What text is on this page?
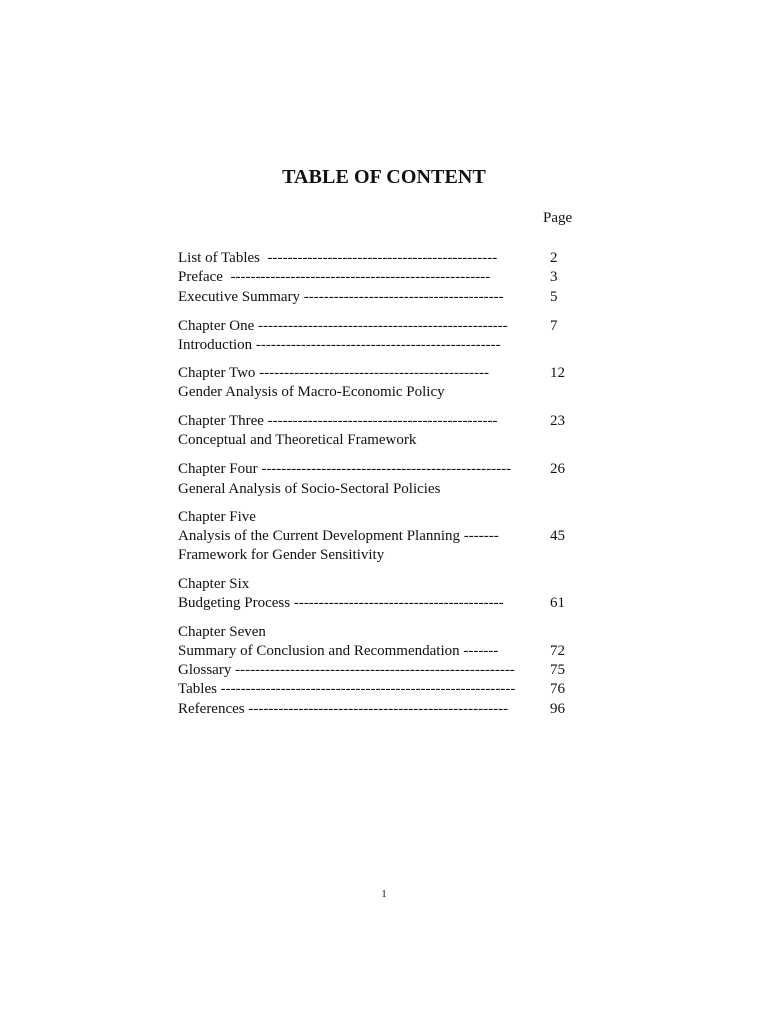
TABLE OF CONTENT
Page
List of Tables  ----------------------------------------------	2
Preface  ----------------------------------------------------	3
Executive Summary ----------------------------------------	5
Chapter One --------------------------------------------------	7
Introduction -------------------------------------------------
Chapter Two ----------------------------------------------	12
Gender Analysis of Macro-Economic Policy
Chapter Three ----------------------------------------------	23
Conceptual and Theoretical Framework
Chapter Four --------------------------------------------------	26
General Analysis of Socio-Sectoral Policies
Chapter Five
Analysis of the Current Development Planning -------	45
Framework for Gender Sensitivity
Chapter Six
Budgeting Process ------------------------------------------	61
Chapter Seven
Summary of Conclusion and Recommendation -------	72
Glossary -------------------------------------------------------- 75
Tables ----------------------------------------------------------- 76
References ----------------------------------------------------	96
1
